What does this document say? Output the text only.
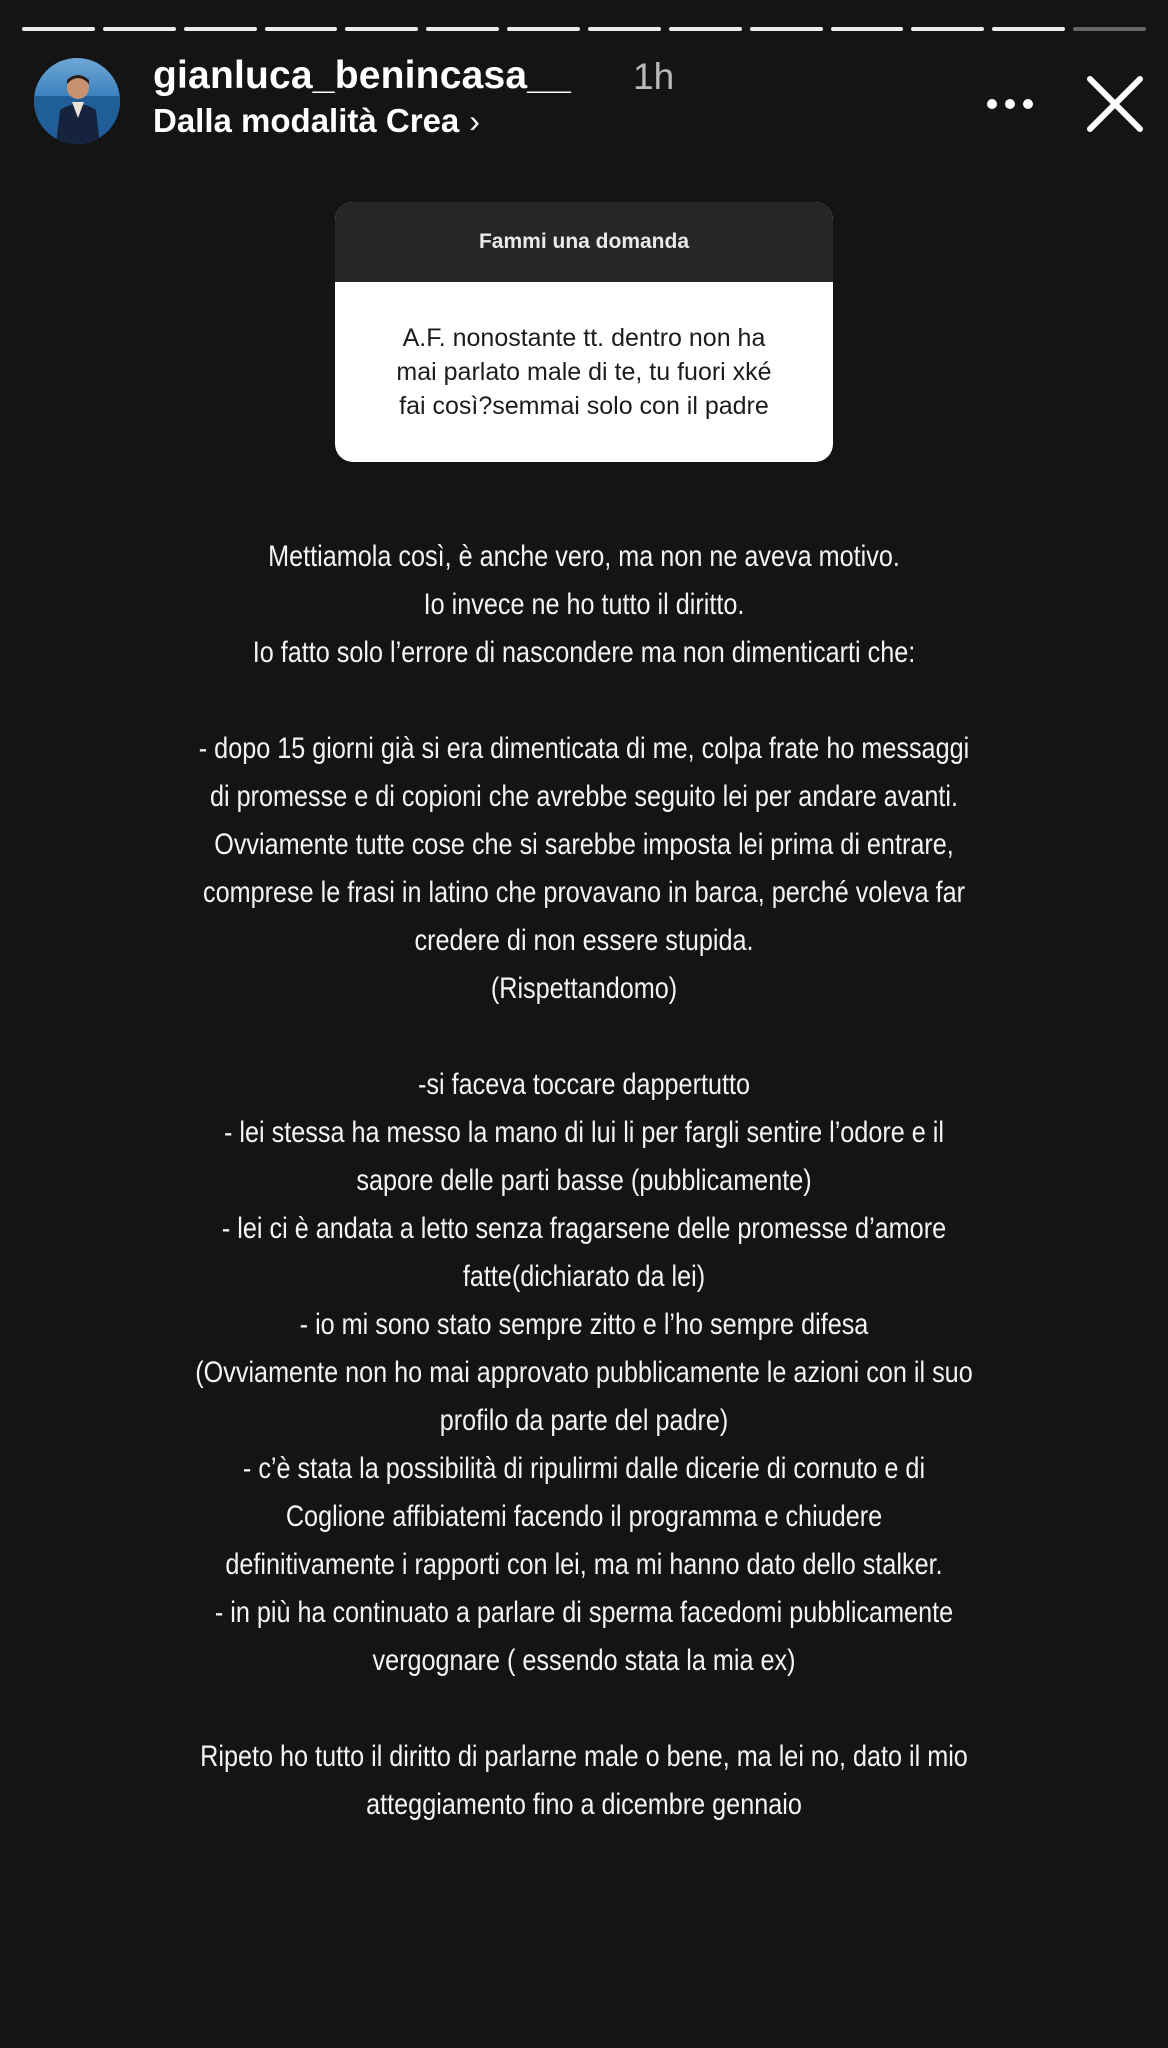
gianluca_benincasa__ 1h
Dalla modalità Crea ›
Fammi una domanda
A.F. nonostante tt. dentro non ha
mai parlato male di te, tu fuori xké
fai così?semmai solo con il padre
Mettiamola così, è anche vero, ma non ne aveva motivo.
Io invece ne ho tutto il diritto.
Io fatto solo l’errore di nascondere ma non dimenticarti che:
- dopo 15 giorni già si era dimenticata di me, colpa frate ho messaggi
di promesse e di copioni che avrebbe seguito lei per andare avanti.
Ovviamente tutte cose che si sarebbe imposta lei prima di entrare,
comprese le frasi in latino che provavano in barca, perché voleva far
credere di non essere stupida.
(Rispettandomo)
-si faceva toccare dappertutto
- lei stessa ha messo la mano di lui li per fargli sentire l’odore e il
sapore delle parti basse (pubblicamente)
- lei ci è andata a letto senza fragarsene delle promesse d’amore
fatte(dichiarato da lei)
- io mi sono stato sempre zitto e l’ho sempre difesa
(Ovviamente non ho mai approvato pubblicamente le azioni con il suo
profilo da parte del padre)
- c’è stata la possibilità di ripulirmi dalle dicerie di cornuto e di
Coglione affibiatemi facendo il programma e chiudere
definitivamente i rapporti con lei, ma mi hanno dato dello stalker.
- in più ha continuato a parlare di sperma facedomi pubblicamente
vergognare ( essendo stata la mia ex)
Ripeto ho tutto il diritto di parlarne male o bene, ma lei no, dato il mio
atteggiamento fino a dicembre gennaio
